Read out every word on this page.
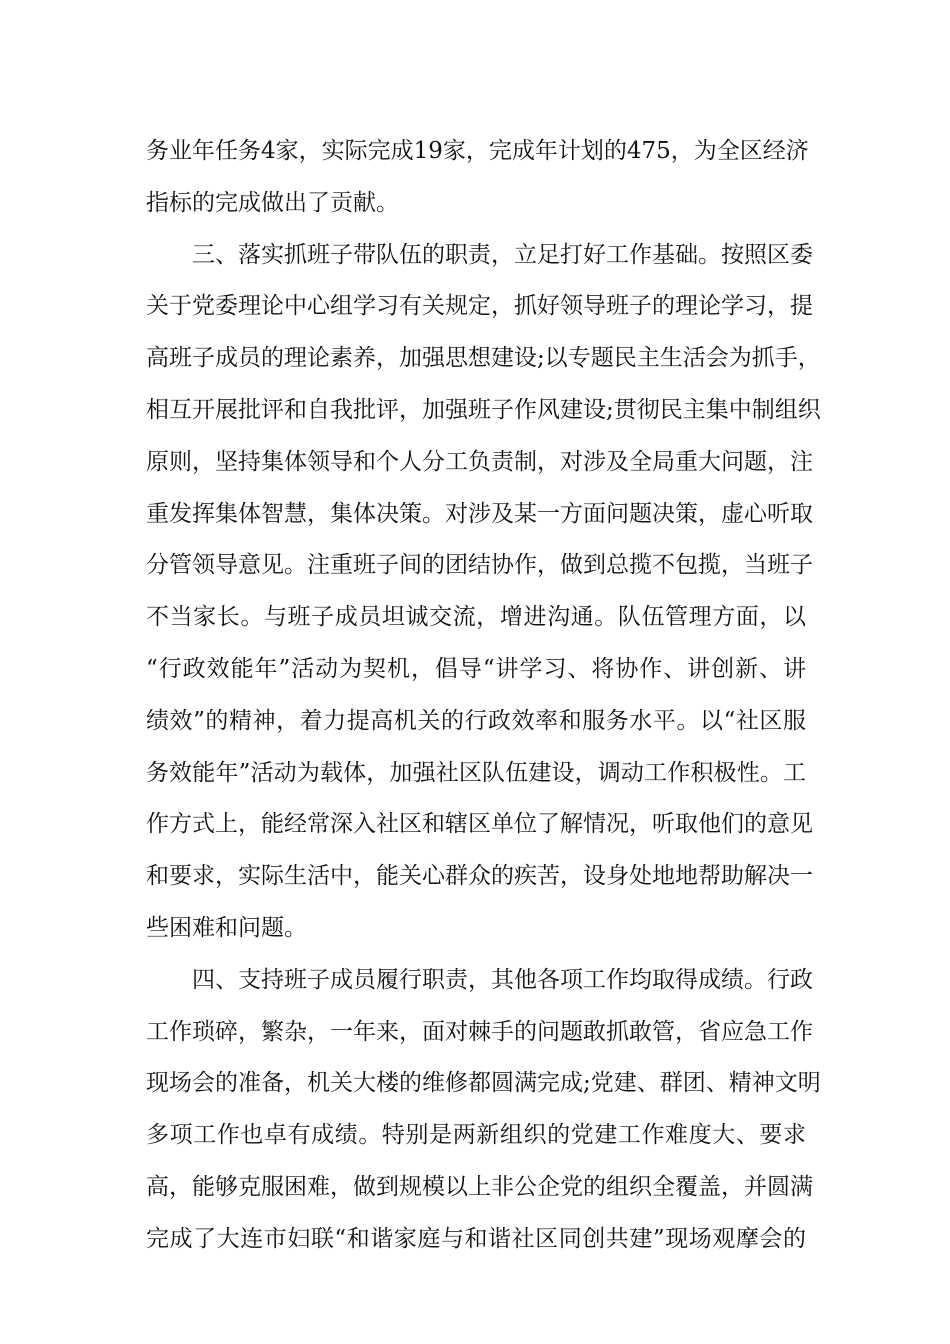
务业年任务4家，实际完成19家，完成年计划的475，为全区经济
指标的完成做出了贡献。
三、落实抓班子带队伍的职责，立足打好工作基础。按照区委
关于党委理论中心组学习有关规定，抓好领导班子的理论学习，提
高班子成员的理论素养，加强思想建设;以专题民主生活会为抓手，
相互开展批评和自我批评，加强班子作风建设;贯彻民主集中制组织
原则，坚持集体领导和个人分工负责制，对涉及全局重大问题，注
重发挥集体智慧，集体决策。对涉及某一方面问题决策，虚心听取
分管领导意见。注重班子间的团结协作，做到总揽不包揽，当班子
不当家长。与班子成员坦诚交流，增进沟通。队伍管理方面，以
“行政效能年”活动为契机，倡导“讲学习、将协作、讲创新、讲
绩效”的精神，着力提高机关的行政效率和服务水平。以“社区服
务效能年”活动为载体，加强社区队伍建设，调动工作积极性。工
作方式上，能经常深入社区和辖区单位了解情况，听取他们的意见
和要求，实际生活中，能关心群众的疾苦，设身处地地帮助解决一
些困难和问题。
四、支持班子成员履行职责，其他各项工作均取得成绩。行政
工作琐碎，繁杂，一年来，面对棘手的问题敢抓敢管，省应急工作
现场会的准备，机关大楼的维修都圆满完成;党建、群团、精神文明
多项工作也卓有成绩。特别是两新组织的党建工作难度大、要求
高，能够克服困难，做到规模以上非公企党的组织全覆盖，并圆满
完成了大连市妇联“和谐家庭与和谐社区同创共建”现场观摩会的
